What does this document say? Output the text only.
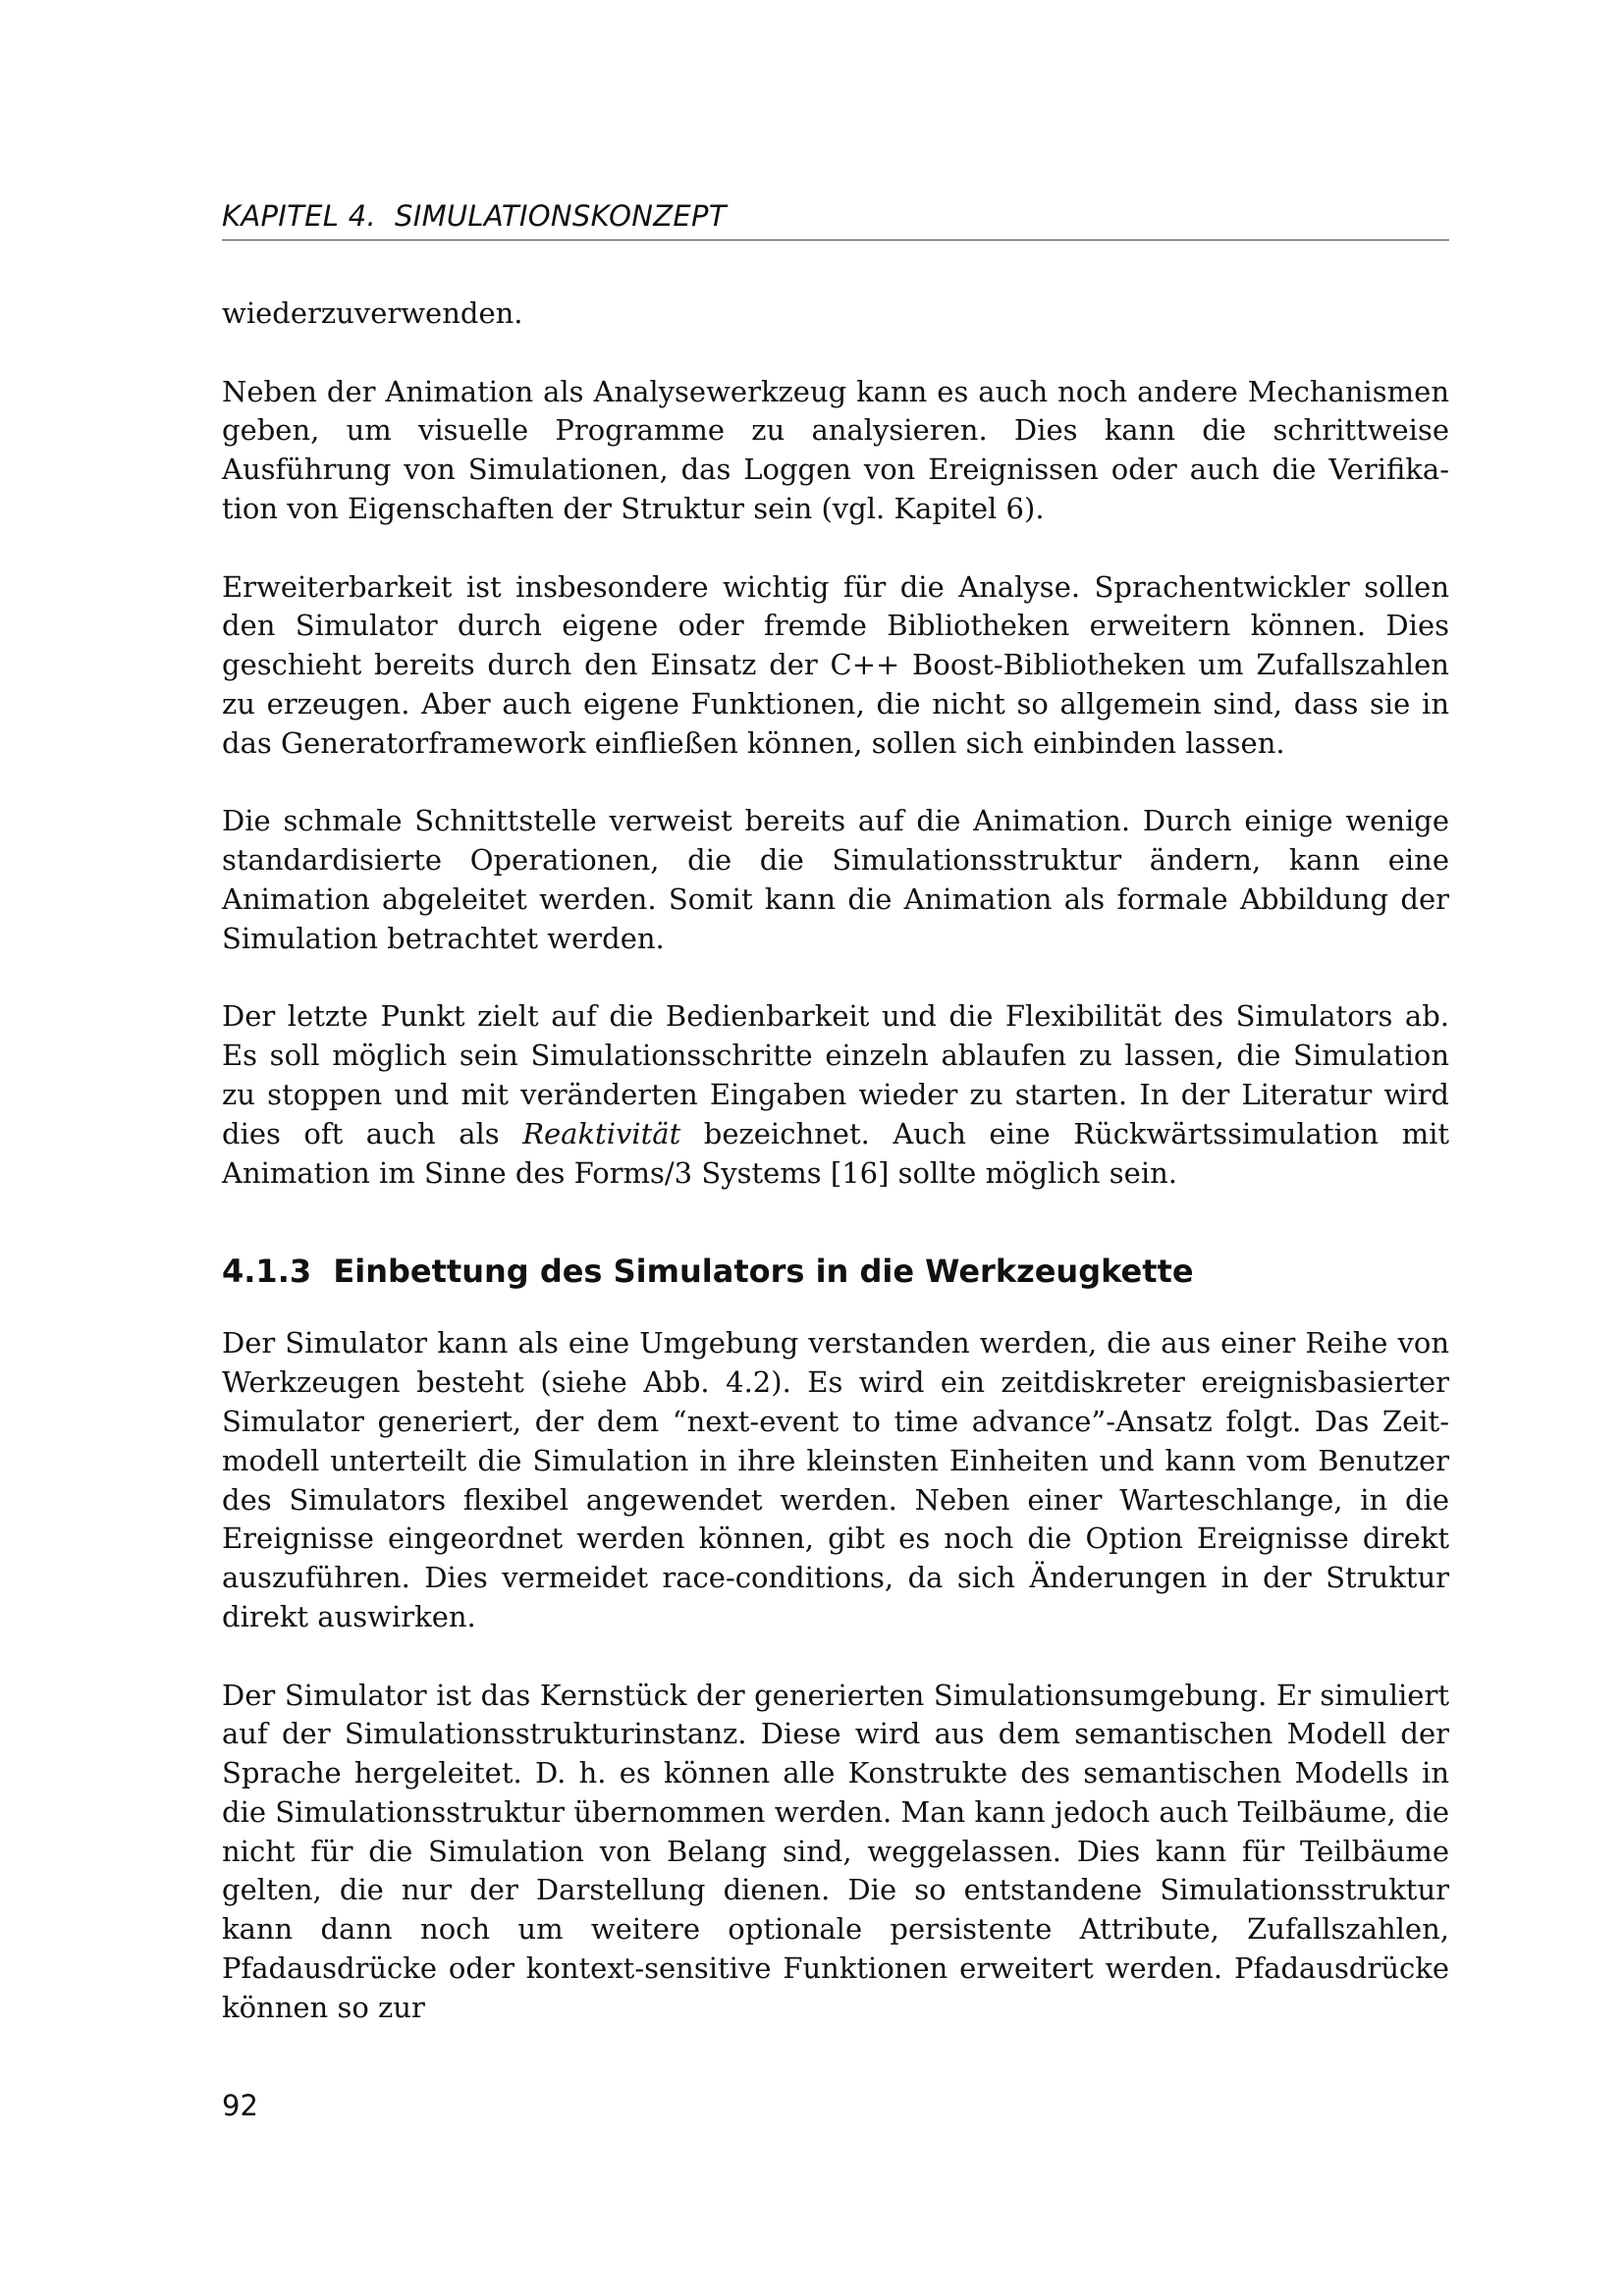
KAPITEL 4.  SIMULATIONSKONZEPT

wiederzuverwenden.

Neben der Animation als Analysewerkzeug kann es auch noch andere Mechanismen geben, um visuelle Programme zu analysieren. Dies kann die schrittweise Ausführung von Simulationen, das Loggen von Ereignissen oder auch die Verifikation von Eigenschaften der Struktur sein (vgl. Kapitel 6).

Erweiterbarkeit ist insbesondere wichtig für die Analyse. Sprachentwickler sollen den Simulator durch eigene oder fremde Bibliotheken erweitern können. Dies geschieht bereits durch den Einsatz der C++ Boost-Bibliotheken um Zufallszahlen zu erzeugen. Aber auch eigene Funktionen, die nicht so allgemein sind, dass sie in das Generatorframework einfließen können, sollen sich einbinden lassen.

Die schmale Schnittstelle verweist bereits auf die Animation. Durch einige wenige standardisierte Operationen, die die Simulationsstruktur ändern, kann eine Animation abgeleitet werden. Somit kann die Animation als formale Abbildung der Simulation betrachtet werden.

Der letzte Punkt zielt auf die Bedienbarkeit und die Flexibilität des Simulators ab. Es soll möglich sein Simulationsschritte einzeln ablaufen zu lassen, die Simulation zu stoppen und mit veränderten Eingaben wieder zu starten. In der Literatur wird dies oft auch als Reaktivität bezeichnet. Auch eine Rückwärtssimulation mit Animation im Sinne des Forms/3 Systems [16] sollte möglich sein.

4.1.3  Einbettung des Simulators in die Werkzeugkette

Der Simulator kann als eine Umgebung verstanden werden, die aus einer Reihe von Werkzeugen besteht (siehe Abb. 4.2). Es wird ein zeitdiskreter ereignisbasierter Simulator generiert, der dem “next-event to time advance”-Ansatz folgt. Das Zeitmodell unterteilt die Simulation in ihre kleinsten Einheiten und kann vom Benutzer des Simulators flexibel angewendet werden. Neben einer Warteschlange, in die Ereignisse eingeordnet werden können, gibt es noch die Option Ereignisse direkt auszuführen. Dies vermeidet race-conditions, da sich Änderungen in der Struktur direkt auswirken.

Der Simulator ist das Kernstück der generierten Simulationsumgebung. Er simuliert auf der Simulationsstrukturinstanz. Diese wird aus dem semantischen Modell der Sprache hergeleitet. D. h. es können alle Konstrukte des semantischen Modells in die Simulationsstruktur übernommen werden. Man kann jedoch auch Teilbäume, die nicht für die Simulation von Belang sind, weggelassen. Dies kann für Teilbäume gelten, die nur der Darstellung dienen. Die so entstandene Simulationsstruktur kann dann noch um weitere optionale persistente Attribute, Zufallszahlen, Pfadausdrücke oder kontext-sensitive Funktionen erweitert werden. Pfadausdrücke können so zur

92
